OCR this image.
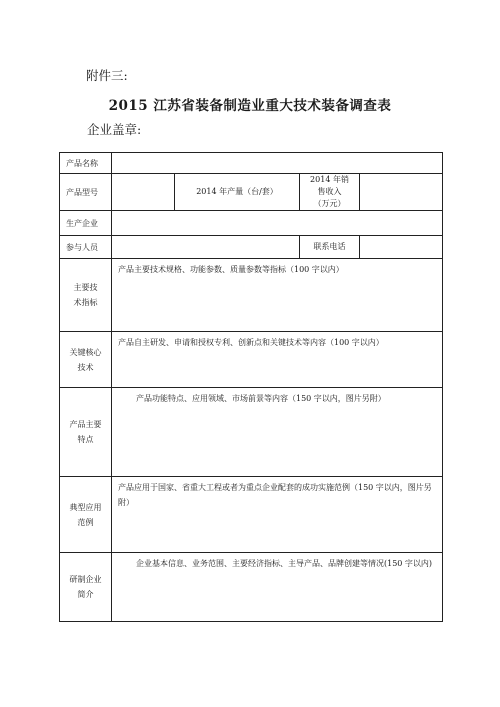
附件三:
2015 江苏省装备制造业重大技术装备调查表
企业盖章:
产品名称				
产品型号		2014 年产量（台/套）	2014 年销售收入（万元）	
生产企业				
参与人员			联系电话	
主要技术指标	产品主要技术规格、功能参数、质量参数等指标（100 字以内）			
关键核心技术	产品自主研发、申请和授权专利、创新点和关键技术等内容（100 字以内）			
产品主要特点	产品功能特点、应用领域、市场前景等内容（150 字以内，图片另附）			
典型应用范例	产品应用于国家、省重大工程或者为重点企业配套的成功实施范例（150 字以内，图片另附）			
研制企业简介	企业基本信息、业务范围、主要经济指标、主导产品、品牌创建等情况(150 字以内)			
